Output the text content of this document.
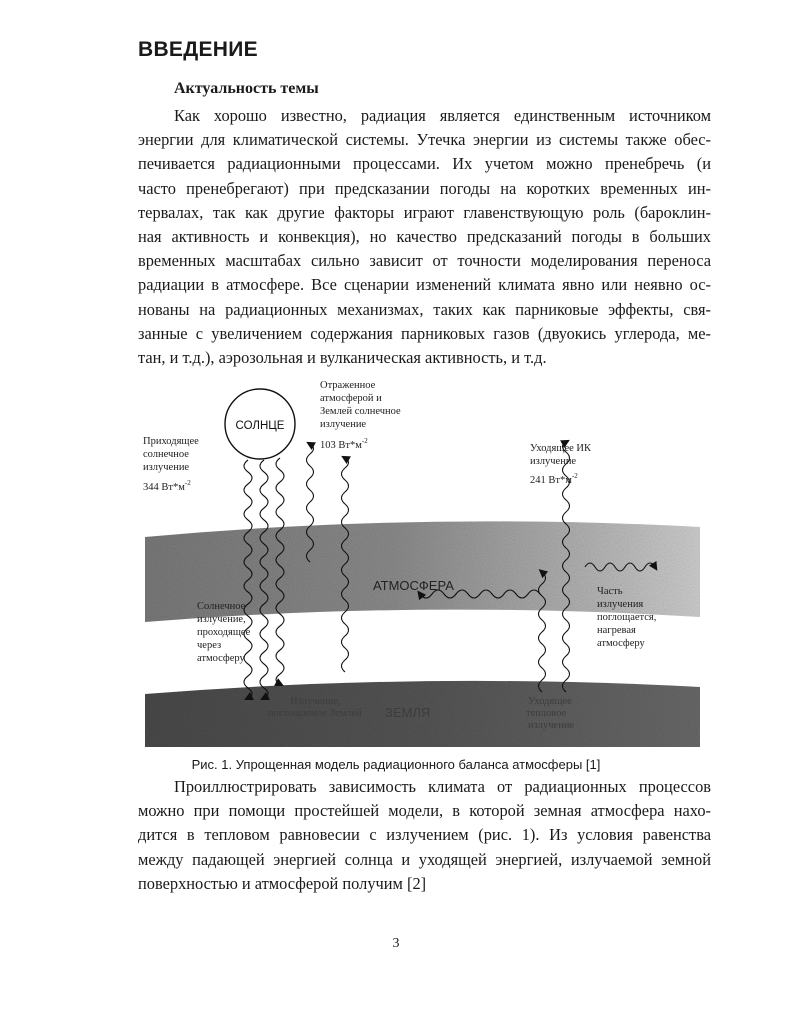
ВВЕДЕНИЕ
Актуальность темы

Как хорошо известно, радиация является единственным источником
энергии для климатической системы. Утечка энергии из системы также обес-
печивается радиационными процессами. Их учетом можно пренебречь (и
часто пренебрегают) при предсказании погоды на коротких временных ин-
тервалах, так как другие факторы играют главенствующую роль (бароклин-
ная активность и конвекция), но качество предсказаний погоды в больших
временных масштабах сильно зависит от точности моделирования переноса
радиации в атмосфере. Все сценарии изменений климата явно или неявно ос-
нованы на радиационных механизмах, таких как парниковые эффекты, свя-
занные с увеличением содержания парниковых газов (двуокись углерода, ме-
тан, и т.д.), аэрозольная и вулканическая активность, и т.д.

СОЛНЦЕ
Приходящее солнечное излучение 344 $Вт*м^{-2}$
Отраженное атмосферой и Землей солнечное излучение 103 $Вт*м^{-2}$
Уходящее ИК излучение 241 $Вт*м^{-2}$
АТМОСФЕРА
Солнечное излучение, проходящее через атмосферу
Часть излучения поглощается, нагревая атмосферу
Излучение, поглощаемое Землей ЗЕМЛЯ
Уходящее тепловое излучение

Рис. 1. Упрощенная модель радиационного баланса атмосферы [1]

Проиллюстрировать зависимость климата от радиационных процессов
можно при помощи простейшей модели, в которой земная атмосфера нахо-
дится в тепловом равновесии с излучением (рис. 1). Из условия равенства
между падающей энергией солнца и уходящей энергией, излучаемой земной
поверхностью и атмосферой получим [2]

3
